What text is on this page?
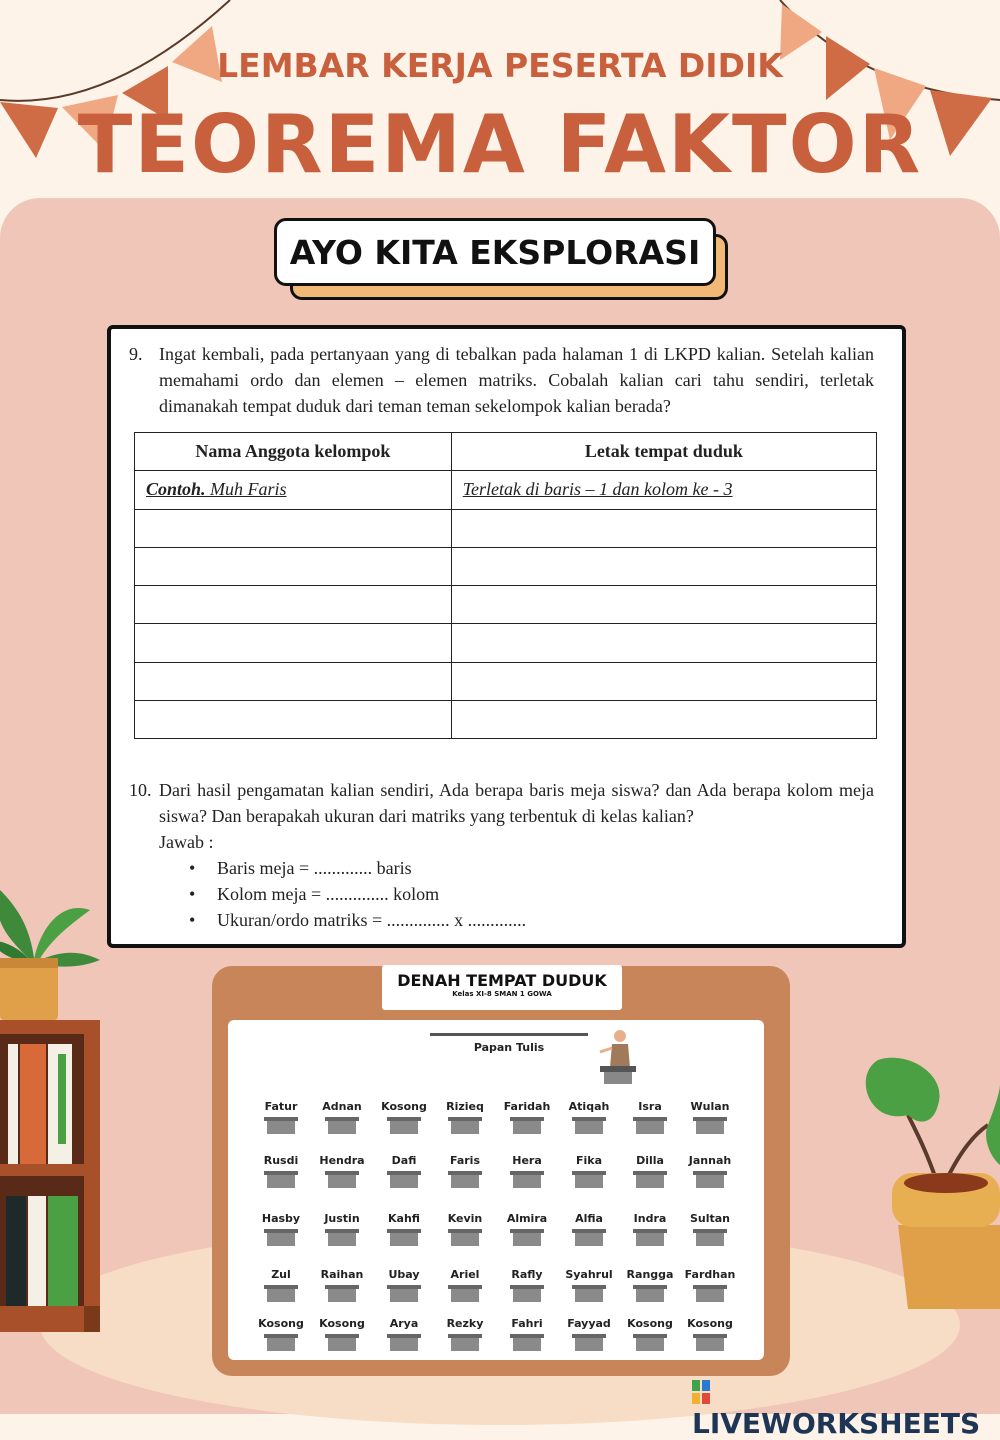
LEMBAR KERJA PESERTA DIDIK
TEOREMA FAKTOR
AYO KITA EKSPLORASI
9. Ingat kembali, pada pertanyaan yang di tebalkan pada halaman 1 di LKPD kalian. Setelah kalian memahami ordo dan elemen – elemen matriks. Cobalah kalian cari tahu sendiri, terletak dimanakah tempat duduk dari teman teman sekelompok kalian berada?
Nama Anggota kelompok	Letak tempat duduk
Contoh. Muh Faris	Terletak di baris – 1 dan kolom ke - 3

10. Dari hasil pengamatan kalian sendiri, Ada berapa baris meja siswa? dan Ada berapa kolom meja siswa? Dan berapakah ukuran dari matriks yang terbentuk di kelas kalian?
Jawab :
• Baris meja = ............. baris
• Kolom meja = .............. kolom
• Ukuran/ordo matriks = .............. x .............
DENAH TEMPAT DUDUK
Kelas XI-8 SMAN 1 GOWA
Papan Tulis
Fatur	Adnan	Kosong	Rizieq	Faridah	Atiqah	Isra	Wulan
Rusdi	Hendra	Dafi	Faris	Hera	Fika	Dilla	Jannah
Hasby	Justin	Kahfi	Kevin	Almira	Alfia	Indra	Sultan
Zul	Raihan	Ubay	Ariel	Rafly	Syahrul	Rangga	Fardhan
Kosong	Kosong	Arya	Rezky	Fahri	Fayyad	Kosong	Kosong
LIVEWORKSHEETS
